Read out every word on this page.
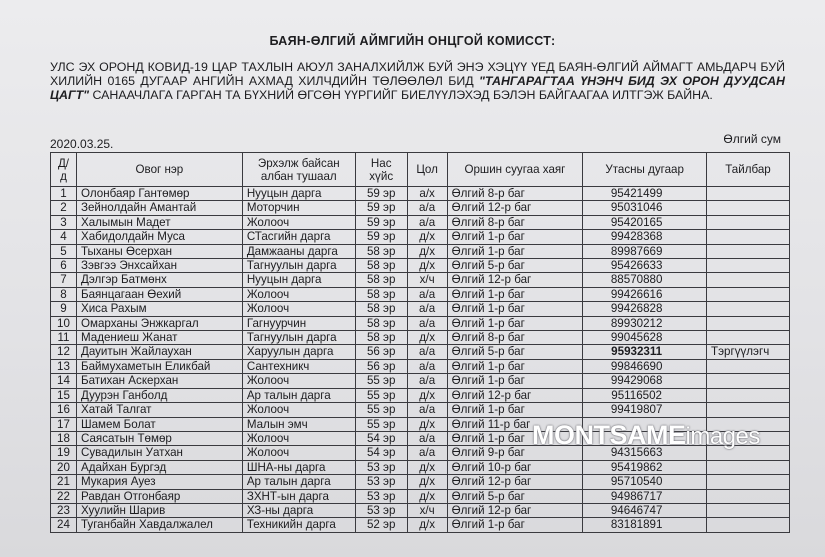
БАЯН-ӨЛГИЙ АЙМГИЙН ОНЦГОЙ КОМИССТ:
УЛС ЭХ ОРОНД КОВИД-19 ЦАР ТАХЛЫН АЮУЛ ЗАНАЛХИЙЛЖ БУЙ ЭНЭ ХЭЦҮҮ ҮЕД БАЯН-ӨЛГИЙ АЙМАГТ АМЬДАРЧ БУЙ ХИЛИЙН 0165 ДУГААР АНГИЙН АХМАД ХИЛЧДИЙН ТӨЛӨӨЛӨЛ БИД "ТАНГАРАГТАА ҮНЭНЧ БИД ЭХ ОРОН ДУУДСАН ЦАГТ" САНААЧЛАГА ГАРГАН ТА БҮХНИЙ ӨГСӨН ҮҮРГИЙГ БИЕЛҮҮЛЭХЭД БЭЛЭН БАЙГААГАА ИЛТГЭЖ БАЙНА.
2020.03.25.	Өлгий сум
Д/д	Овог нэр	Эрхэлж байсан албан тушаал	Нас хүйс	Цол	Оршин суугаа хаяг	Утасны дугаар	Тайлбар
1	Олонбаяр Гантөмөр	Нууцын дарга	59 эр	а/х	Өлгий 8-р баг	95421499	
2	Зейнолдайн Амантай	Моторчин	59 эр	а/а	Өлгий 12-р баг	95031046	
3	Халымын Мадет	Жолооч	59 эр	а/а	Өлгий 8-р баг	95420165	
4	Хабидолдайн Муса	СТасгийн дарга	59 эр	д/х	Өлгий 1-р баг	99428368	
5	Тыханы Өсерхан	Дамжааны дарга	58 эр	д/х	Өлгий 1-р баг	89987669	
6	Зэвгээ Энхсайхан	Тагнуулын дарга	58 эр	д/х	Өлгий 5-р баг	95426633	
7	Дэлгэр Батмөнх	Нууцын дарга	58 эр	х/ч	Өлгий 12-р баг	88570880	
8	Баянцагаан Өехий	Жолооч	58 эр	а/а	Өлгий 1-р баг	99426616	
9	Хиса Рахым	Жолооч	58 эр	а/а	Өлгий 1-р баг	99426828	
10	Омарханы Энжкаргал	Гагнуурчин	58 эр	а/а	Өлгий 1-р баг	89930212	
11	Мадениеш Жанат	Тагнуулын дарга	58 эр	д/х	Өлгий 8-р баг	99045628	
12	Дауитын Жайлаухан	Харуулын дарга	56 эр	а/а	Өлгий 5-р баг	95932311	Тэргүүлэгч
13	Баймухаметын Еликбай	Сантехникч	56 эр	а/а	Өлгий 1-р баг	99846690	
14	Батихан Аскерхан	Жолооч	55 эр	а/а	Өлгий 1-р баг	99429068	
15	Дуурэн Ганболд	Ар талын дарга	55 эр	д/х	Өлгий 12-р баг	95116502	
16	Хатай Талгат	Жолооч	55 эр	а/а	Өлгий 1-р баг	99419807	
17	Шамем Болат	Малын эмч	55 эр	д/х	Өлгий 11-р баг		
18	Саясатын Төмөр	Жолооч	54 эр	а/а	Өлгий 1-р баг		
19	Сувадилын Уатхан	Жолооч	54 эр	а/а	Өлгий 9-р баг	94315663	
20	Адайхан Бургэд	ШНА-ны дарга	53 эр	д/х	Өлгий 10-р баг	95419862	
21	Мукария Ауез	Ар талын дарга	53 эр	д/х	Өлгий 12-р баг	95710540	
22	Равдан Отгонбаяр	ЗХНТ-ын дарга	53 эр	д/х	Өлгий 5-р баг	94986717	
23	Хуулийн Шарив	ХЗ-ны дарга	53 эр	х/ч	Өлгий 12-р баг	94646747	
24	Туганбайн Хавдалжалел	Техникийн дарга	52 эр	д/х	Өлгий 1-р баг	83181891	
MONTSAMEimages
